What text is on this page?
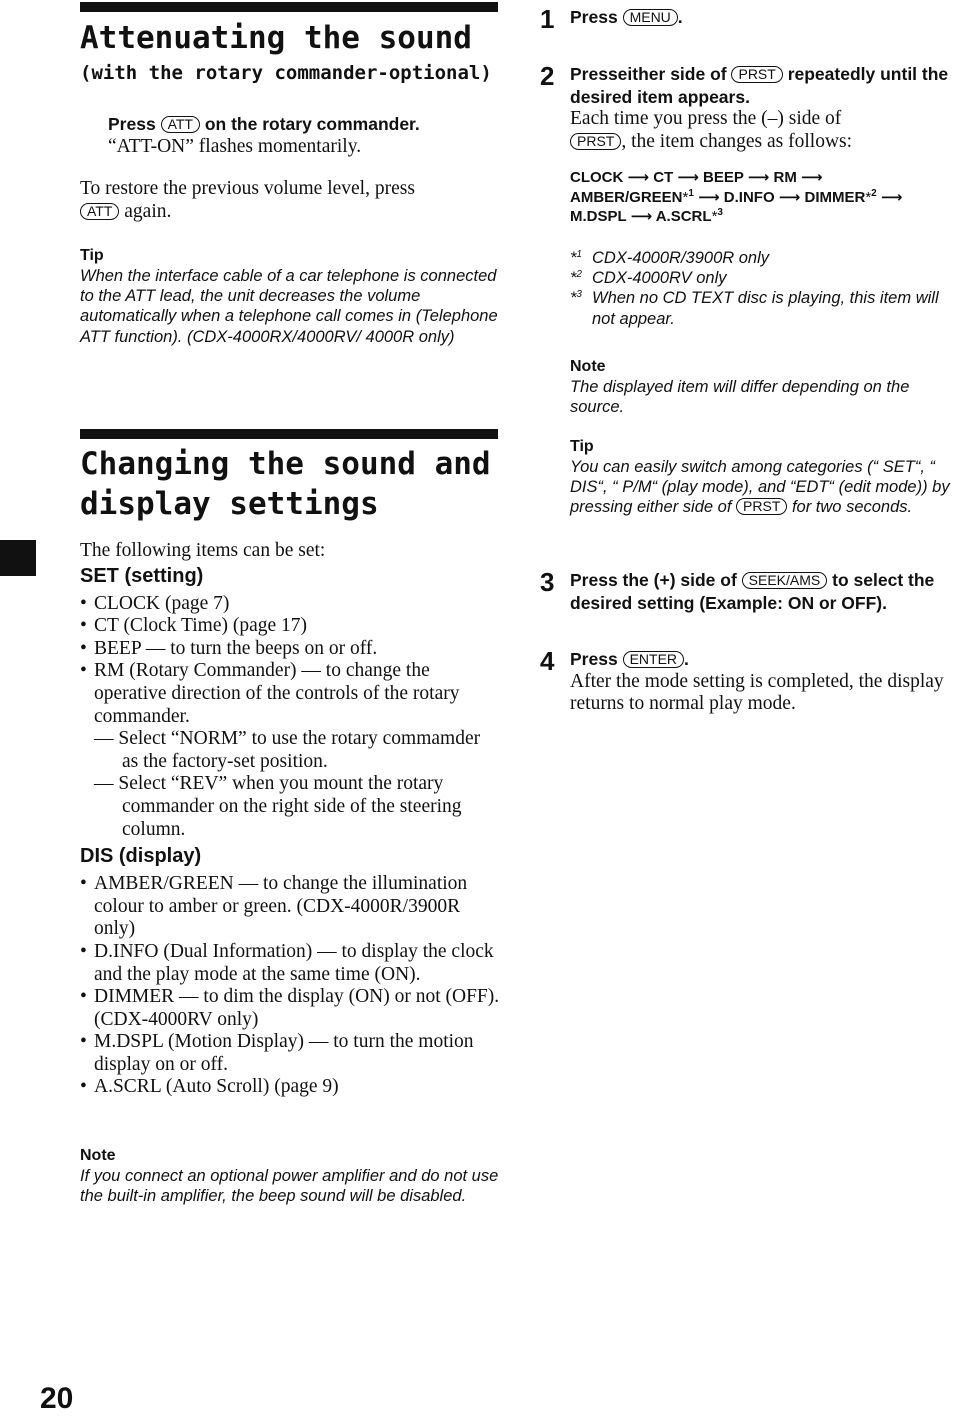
Attenuating the sound
(with the rotary commander-optional)
Press ATT on the rotary commander.
“ATT-ON” flashes momentarily.
To restore the previous volume level, press
ATT again.
Tip
When the interface cable of a car telephone is connected to the ATT lead, the unit decreases the volume automatically when a telephone call comes in (Telephone ATT function). (CDX-4000RX/4000RV/ 4000R only)
Changing the sound and
display settings
The following items can be set:
SET (setting)
• CLOCK (page 7)
• CT (Clock Time) (page 17)
• BEEP — to turn the beeps on or off.
• RM (Rotary Commander) — to change the operative direction of the controls of the rotary commander.
— Select “NORM” to use the rotary commamder as the factory-set position.
— Select “REV” when you mount the rotary commander on the right side of the steering column.
DIS (display)
• AMBER/GREEN — to change the illumination colour to amber or green. (CDX-4000R/3900R only)
• D.INFO (Dual Information) — to display the clock and the play mode at the same time (ON).
• DIMMER — to dim the display (ON) or not (OFF). (CDX-4000RV only)
• M.DSPL (Motion Display) — to turn the motion display on or off.
• A.SCRL (Auto Scroll) (page 9)
Note
If you connect an optional power amplifier and do not use the built-in amplifier, the beep sound will be disabled.
20
1 Press MENU .
2 Presseither side of PRST repeatedly until the desired item appears.
Each time you press the (–) side of
PRST , the item changes as follows:
CLOCK ⟶ CT ⟶ BEEP ⟶ RM ⟶
AMBER/GREEN*$^1$ ⟶ D.INFO ⟶ DIMMER*$^2$ ⟶
M.DSPL ⟶ A.SCRL*$^3$
*$^1$ CDX-4000R/3900R only
*$^2$ CDX-4000RV only
*$^3$ When no CD TEXT disc is playing, this item will not appear.
Note
The displayed item will differ depending on the source.
Tip
You can easily switch among categories (“ SET“, “ DIS“, “ P/M“ (play mode), and “EDT“ (edit mode)) by pressing either side of PRST for two seconds.
3 Press the (+) side of SEEK/AMS to select the desired setting (Example: ON or OFF).
4 Press ENTER .
After the mode setting is completed, the display returns to normal play mode.
